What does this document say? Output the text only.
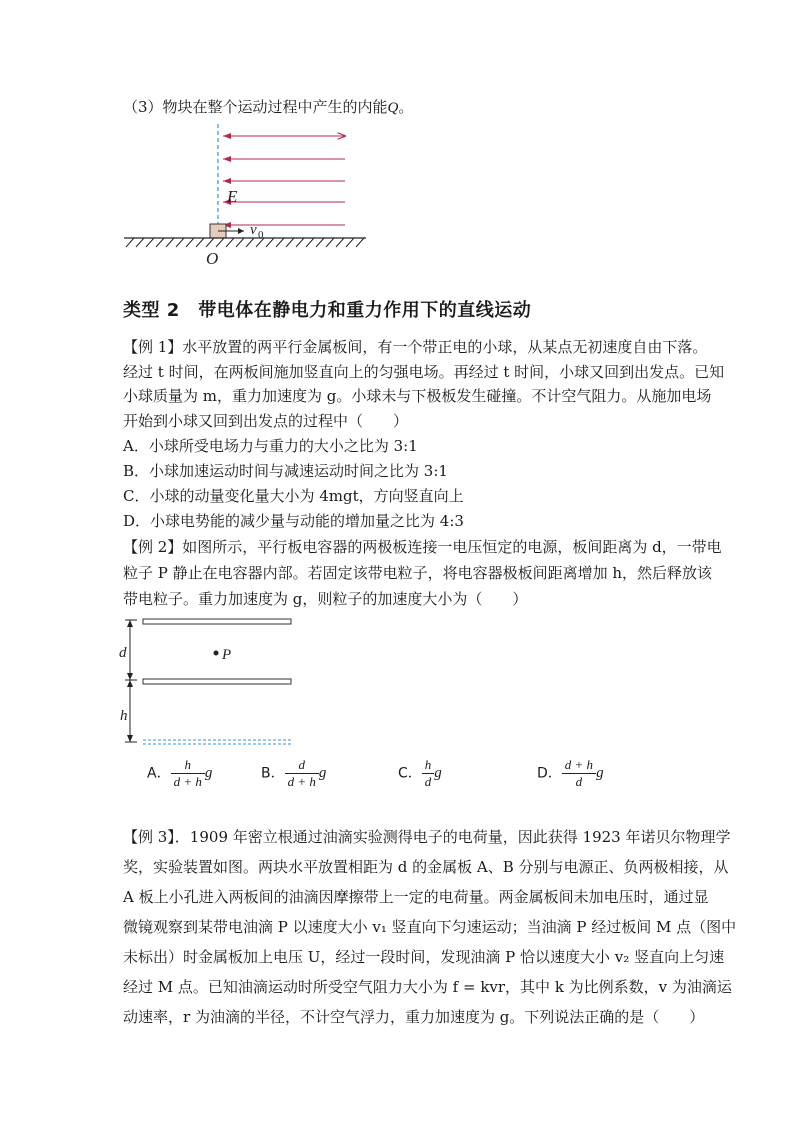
（3）物块在整个运动过程中产生的内能Q。
E
v 0
O
类型 2　带电体在静电力和重力作用下的直线运动
【例 1】水平放置的两平行金属板间，有一个带正电的小球，从某点无初速度自由下落。
经过 t 时间，在两板间施加竖直向上的匀强电场。再经过 t 时间，小球又回到出发点。已知
小球质量为 m，重力加速度为 g。小球未与下极板发生碰撞。不计空气阻力。从施加电场
开始到小球又回到出发点的过程中（　　）
A．小球所受电场力与重力的大小之比为 3:1
B．小球加速运动时间与减速运动时间之比为 3:1
C．小球的动量变化量大小为 4mgt，方向竖直向上
D．小球电势能的减少量与动能的增加量之比为 4:3
【例 2】如图所示，平行板电容器的两极板连接一电压恒定的电源，板间距离为 d，一带电
粒子 P 静止在电容器内部。若固定该带电粒子，将电容器极板间距离增加 h，然后释放该
带电粒子。重力加速度为 g，则粒子的加速度大小为（　　）
d
h
P
A． $\frac{h}{d + h}$ g	B． $\frac{d}{d + h}$ g	C． $\frac{h}{d}$ g	D． $\frac{d + h}{d}$ g
【例 3】．1909 年密立根通过油滴实验测得电子的电荷量，因此获得 1923 年诺贝尔物理学
奖，实验装置如图。两块水平放置相距为 d 的金属板 A、B 分别与电源正、负两极相接，从
A 板上小孔进入两板间的油滴因摩擦带上一定的电荷量。两金属板间未加电压时，通过显
微镜观察到某带电油滴 P 以速度大小 v₁ 竖直向下匀速运动；当油滴 P 经过板间 M 点（图中
未标出）时金属板加上电压 U，经过一段时间，发现油滴 P 恰以速度大小 v₂ 竖直向上匀速
经过 M 点。已知油滴运动时所受空气阻力大小为 f = kvr，其中 k 为比例系数，v 为油滴运
动速率，r 为油滴的半径，不计空气浮力，重力加速度为 g。下列说法正确的是（　　）
